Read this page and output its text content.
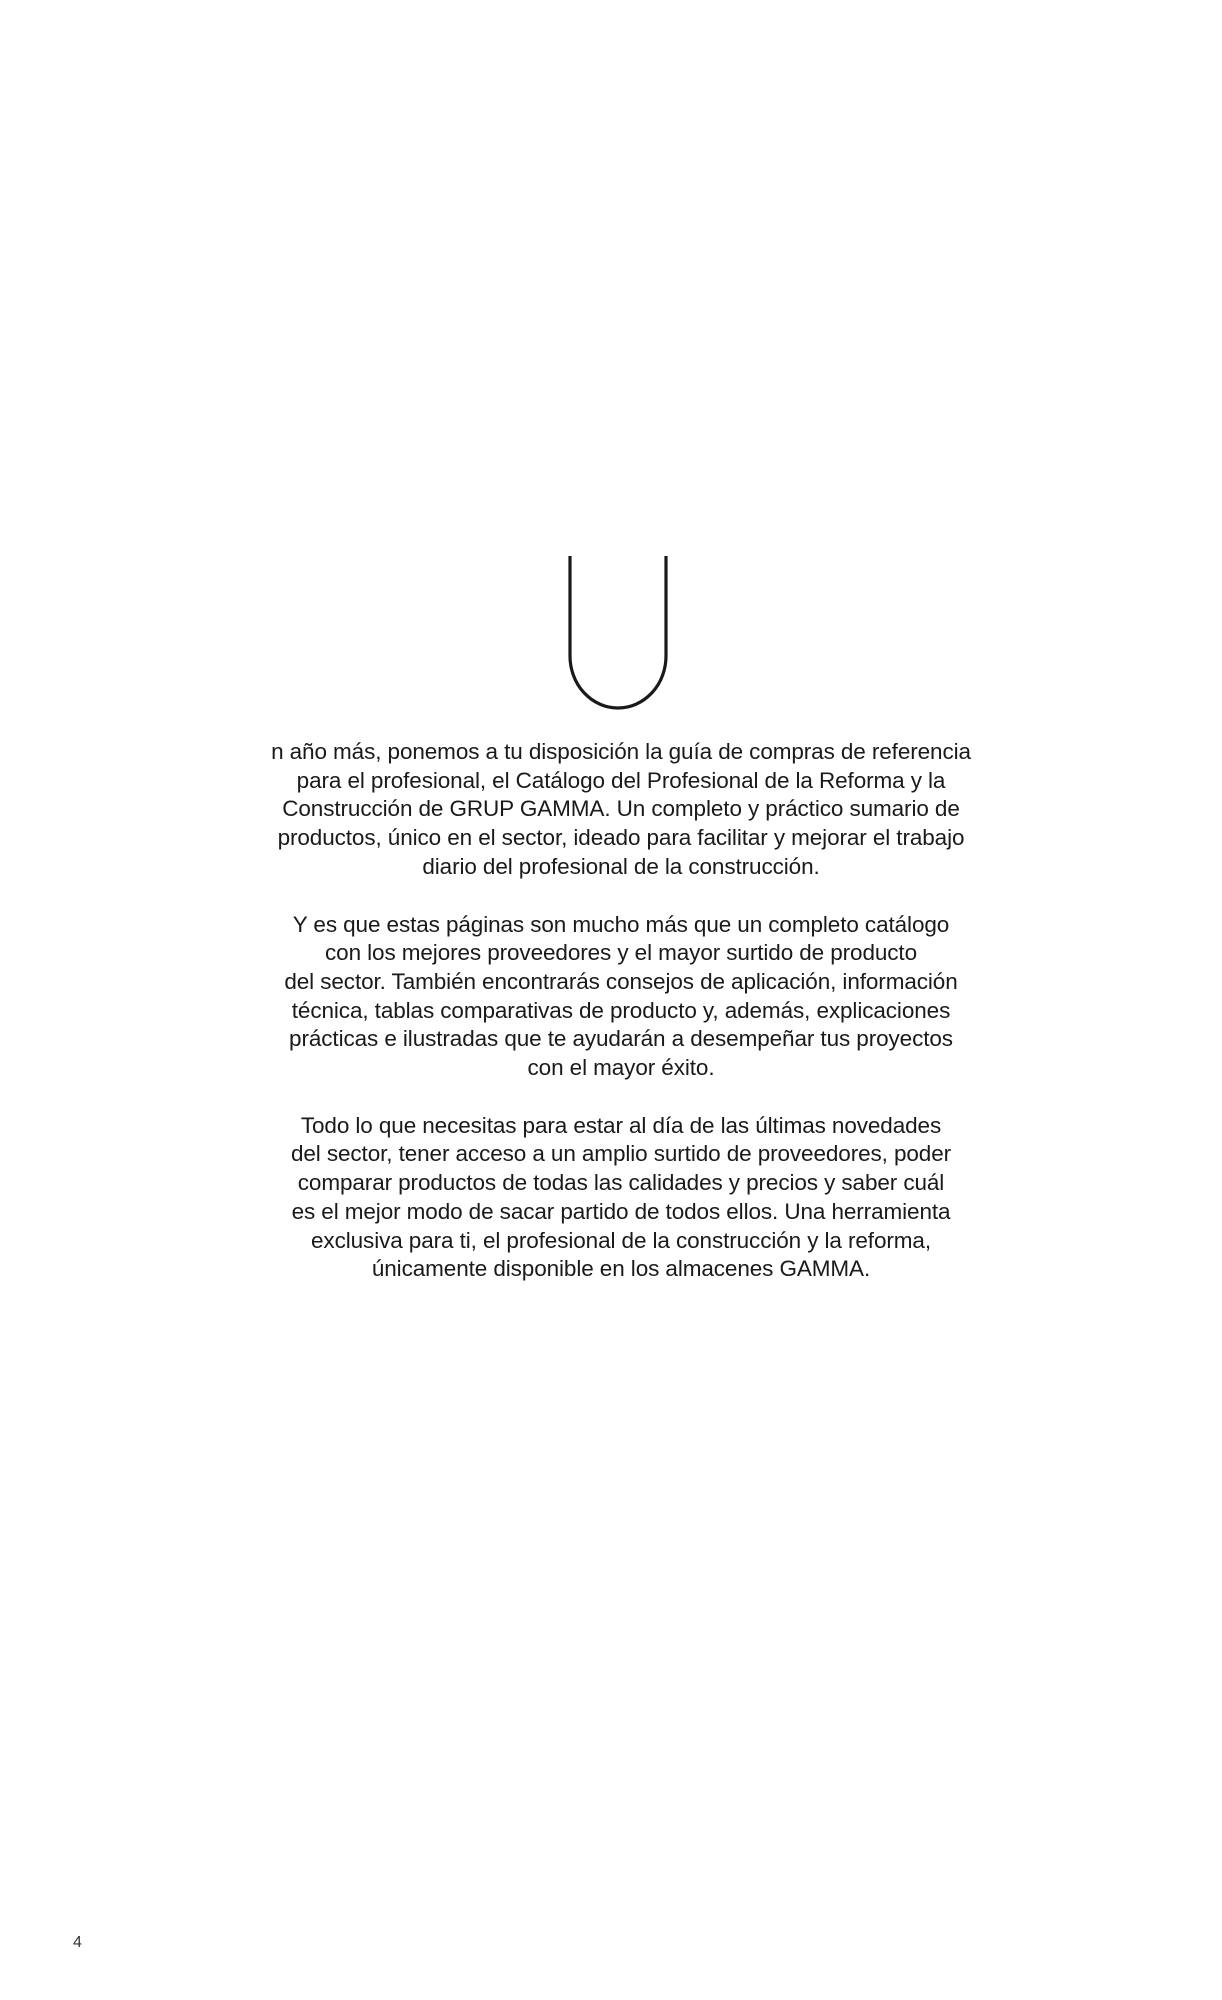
n año más, ponemos a tu disposición la guía de compras de referencia
para el profesional, el Catálogo del Profesional de la Reforma y la
Construcción de GRUP GAMMA. Un completo y práctico sumario de
productos, único en el sector, ideado para facilitar y mejorar el trabajo
diario del profesional de la construcción.

Y es que estas páginas son mucho más que un completo catálogo
con los mejores proveedores y el mayor surtido de producto
del sector. También encontrarás consejos de aplicación, información
técnica, tablas comparativas de producto y, además, explicaciones
prácticas e ilustradas que te ayudarán a desempeñar tus proyectos
con el mayor éxito.

Todo lo que necesitas para estar al día de las últimas novedades
del sector, tener acceso a un amplio surtido de proveedores, poder
comparar productos de todas las calidades y precios y saber cuál
es el mejor modo de sacar partido de todos ellos. Una herramienta
exclusiva para ti, el profesional de la construcción y la reforma,
únicamente disponible en los almacenes GAMMA.

4
